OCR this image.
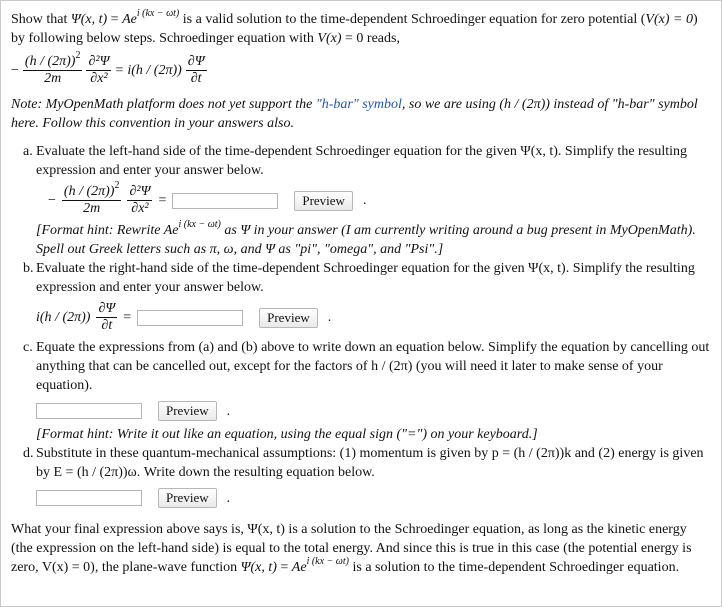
Show that Ψ(x, $t) = Ae^{i (kx - \omega t)}$ is a valid solution to the time-dependent Schroedinger equation for zero potential (V(x) = 0) by following below steps. Schroedinger equation with V(x) = 0 reads,

− $\frac{(h / (2\pi))^2}{2m} \frac{\text{∂²Ψ}}{\text{∂x²}} = i(h / (2\pi)) \frac{\partial\Psi}{\partial t}$

Note: MyOpenMath platform does not yet support the "h-bar" symbol, so we are using (h / (2π)) instead of "h-bar" symbol here. Follow this convention in your answers also.

a. Evaluate the left-hand side of the time-dependent Schroedinger equation for the given Ψ(x, t). Simplify the resulting expression and enter your answer below.
− $\frac{(h / (2\pi))^2}{2m} \frac{\text{∂²Ψ}}{\text{∂x²}}$ =	Preview	.
[Format hint: Rewrite $Ae^{i (kx - \omega t)}$ as Ψ in your answer (I am currently writing around a bug present in MyOpenMath). Spell out Greek letters such as π, ω, and Ψ as "pi", "omega", and "Psi".]
b. Evaluate the right-hand side of the time-dependent Schroedinger equation for the given Ψ(x, t). Simplify the resulting expression and enter your answer below.
$i(h / (2\pi)) \frac{\partial\Psi}{\partial t}$ =	Preview	.
c. Equate the expressions from (a) and (b) above to write down an equation below. Simplify the equation by cancelling out anything that can be cancelled out, except for the factors of h / (2π) (you will need it later to make sense of your equation).
Preview	.
[Format hint: Write it out like an equation, using the equal sign ("=") on your keyboard.]
d. Substitute in these quantum-mechanical assumptions: (1) momentum is given by p = (h / (2π))k and (2) energy is given by E = (h / (2π))ω. Write down the resulting equation below.
Preview	.

What your final expression above says is, Ψ(x, t) is a solution to the Schroedinger equation, as long as the kinetic energy (the expression on the left-hand side) is equal to the total energy. And since this is true in this case (the potential energy is zero, V(x) = 0), the plane-wave function Ψ(x, $t) = Ae^{i (kx - \omega t)}$ is a solution to the time-dependent Schroedinger equation.
